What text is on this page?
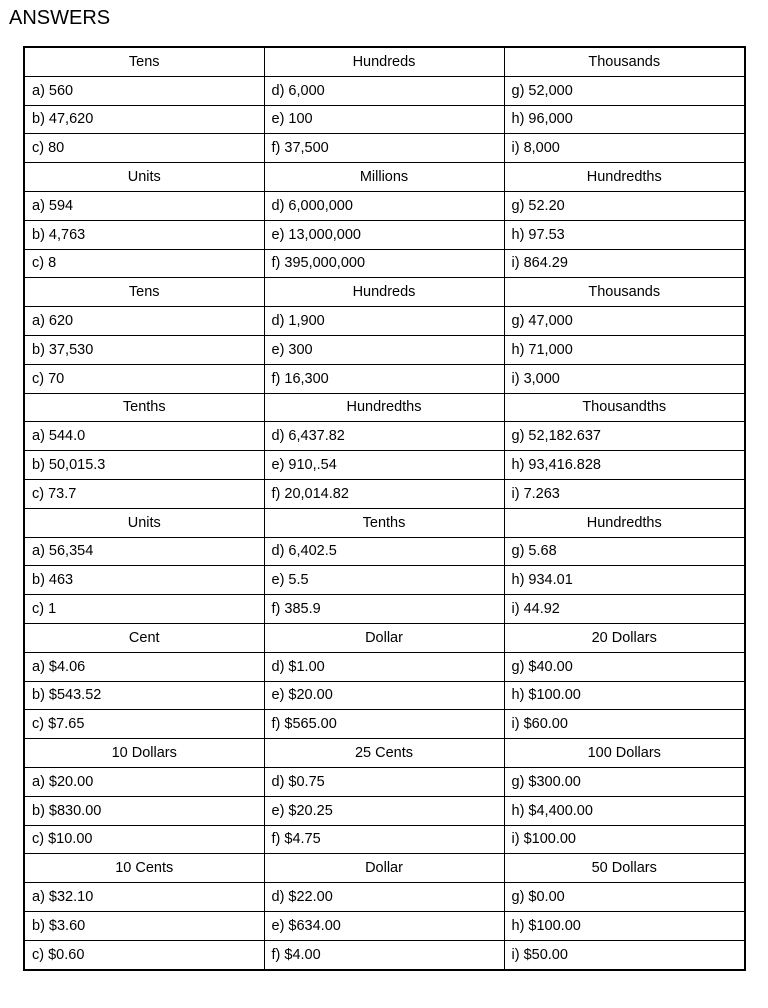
ANSWERS
Tens	Hundreds	Thousands
a) 560	d) 6,000	g) 52,000
b) 47,620	e) 100	h) 96,000
c) 80	f) 37,500	i) 8,000
Units	Millions	Hundredths
a) 594	d) 6,000,000	g) 52.20
b) 4,763	e) 13,000,000	h) 97.53
c) 8	f) 395,000,000	i) 864.29
Tens	Hundreds	Thousands
a) 620	d) 1,900	g) 47,000
b) 37,530	e) 300	h) 71,000
c) 70	f) 16,300	i) 3,000
Tenths	Hundredths	Thousandths
a) 544.0	d) 6,437.82	g) 52,182.637
b) 50,015.3	e) 910,.54	h) 93,416.828
c) 73.7	f) 20,014.82	i) 7.263
Units	Tenths	Hundredths
a) 56,354	d) 6,402.5	g) 5.68
b) 463	e) 5.5	h) 934.01
c) 1	f) 385.9	i) 44.92
Cent	Dollar	20 Dollars
a) $4.06	d) $1.00	g) $40.00
b) $543.52	e) $20.00	h) $100.00
c) $7.65	f) $565.00	i) $60.00
10 Dollars	25 Cents	100 Dollars
a) $20.00	d) $0.75	g) $300.00
b) $830.00	e) $20.25	h) $4,400.00
c) $10.00	f) $4.75	i) $100.00
10 Cents	Dollar	50 Dollars
a) $32.10	d) $22.00	g) $0.00
b) $3.60	e) $634.00	h) $100.00
c) $0.60	f) $4.00	i) $50.00
